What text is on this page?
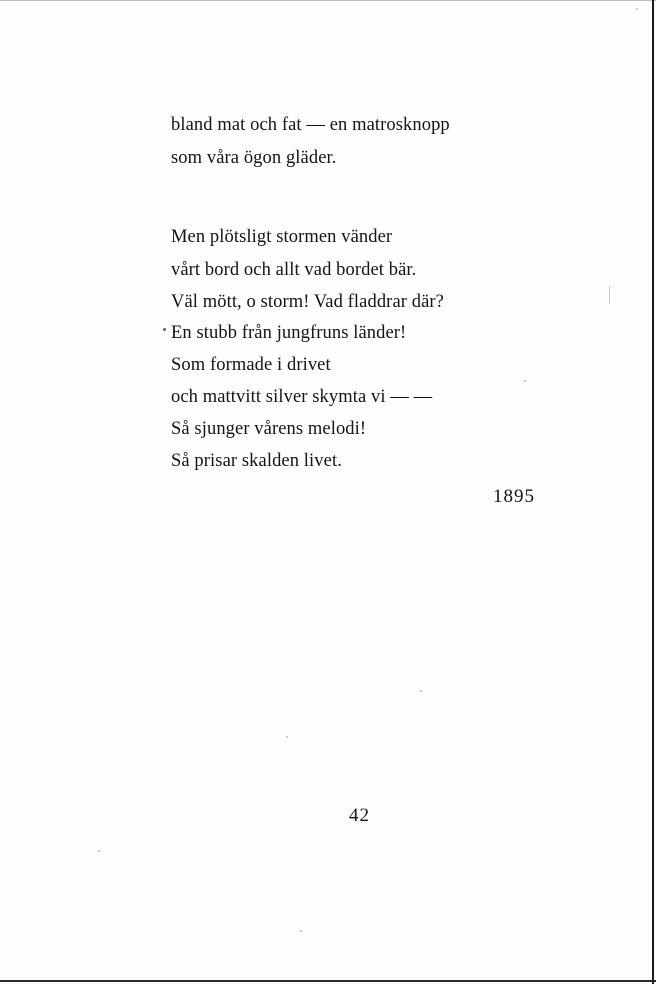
bland mat och fat — en matrosknopp
som våra ögon gläder.
Men plötsligt stormen vänder
vårt bord och allt vad bordet bär.
Väl mött, o storm! Vad fladdrar där?
En stubb från jungfruns länder!
Som formade i drivet
och mattvitt silver skymta vi — —
Så sjunger vårens melodi!
Så prisar skalden livet.
1895
42
